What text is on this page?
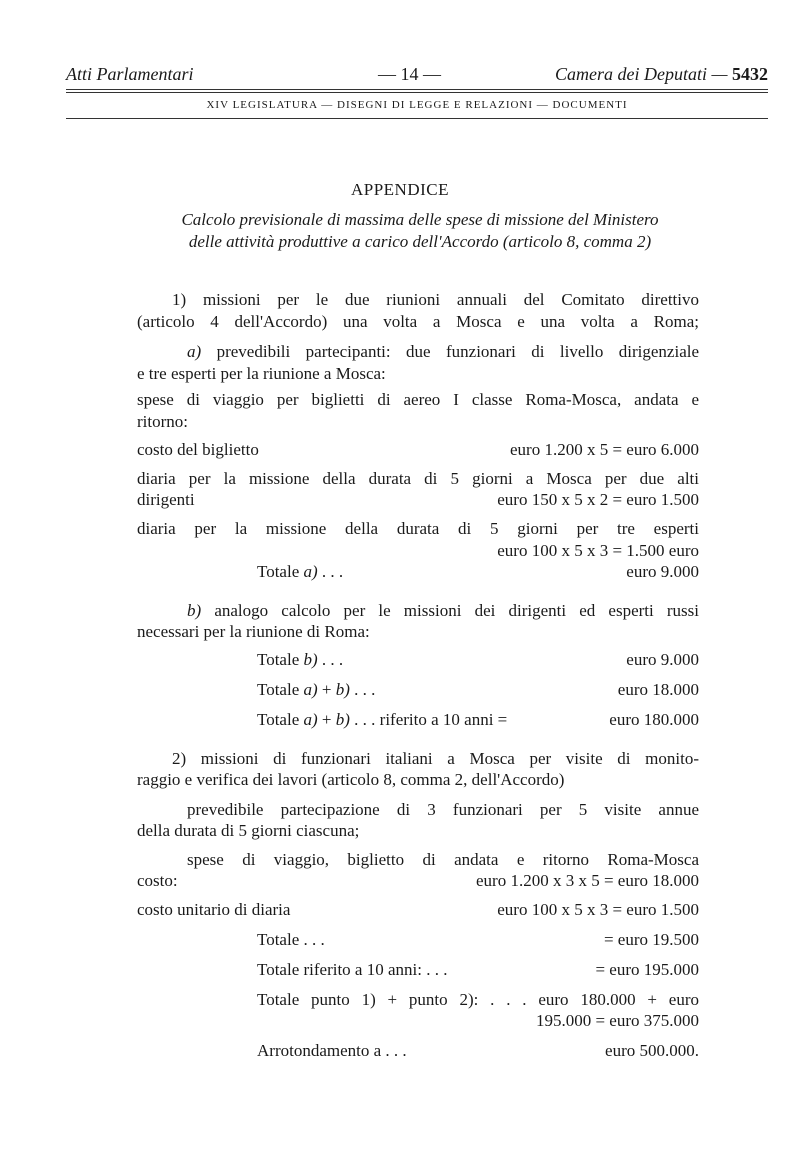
Atti Parlamentari	— 14 —	Camera dei Deputati — 5432
XIV LEGISLATURA — DISEGNI DI LEGGE E RELAZIONI — DOCUMENTI
APPENDICE
Calcolo previsionale di massima delle spese di missione del Ministero
delle attività produttive a carico dell'Accordo (articolo 8, comma 2)
1) missioni per le due riunioni annuali del Comitato direttivo
(articolo 4 dell'Accordo) una volta a Mosca e una volta a Roma;
a) prevedibili partecipanti: due funzionari di livello dirigenziale
e tre esperti per la riunione a Mosca:
spese di viaggio per biglietti di aereo I classe Roma-Mosca, andata e
ritorno:
costo del biglietto	euro 1.200 x 5 = euro 6.000
diaria per la missione della durata di 5 giorni a Mosca per due alti
dirigenti	euro 150 x 5 x 2 = euro 1.500
diaria per la missione della durata di 5 giorni per tre esperti
euro 100 x 5 x 3 = 1.500 euro
Totale a) . . .	euro 9.000
b) analogo calcolo per le missioni dei dirigenti ed esperti russi
necessari per la riunione di Roma:
Totale b) . . .	euro 9.000
Totale a) + b) . . .	euro 18.000
Totale a) + b) . . . riferito a 10 anni =	euro 180.000
2) missioni di funzionari italiani a Mosca per visite di monito-
raggio e verifica dei lavori (articolo 8, comma 2, dell'Accordo)
prevedibile partecipazione di 3 funzionari per 5 visite annue
della durata di 5 giorni ciascuna;
spese di viaggio, biglietto di andata e ritorno Roma-Mosca
costo:	euro 1.200 x 3 x 5 = euro 18.000
costo unitario di diaria	euro 100 x 5 x 3 = euro 1.500
Totale . . .	= euro 19.500
Totale riferito a 10 anni: . . .	= euro 195.000
Totale punto 1) + punto 2): . . . euro 180.000 + euro
195.000 = euro 375.000
Arrotondamento a . . .	euro 500.000.
